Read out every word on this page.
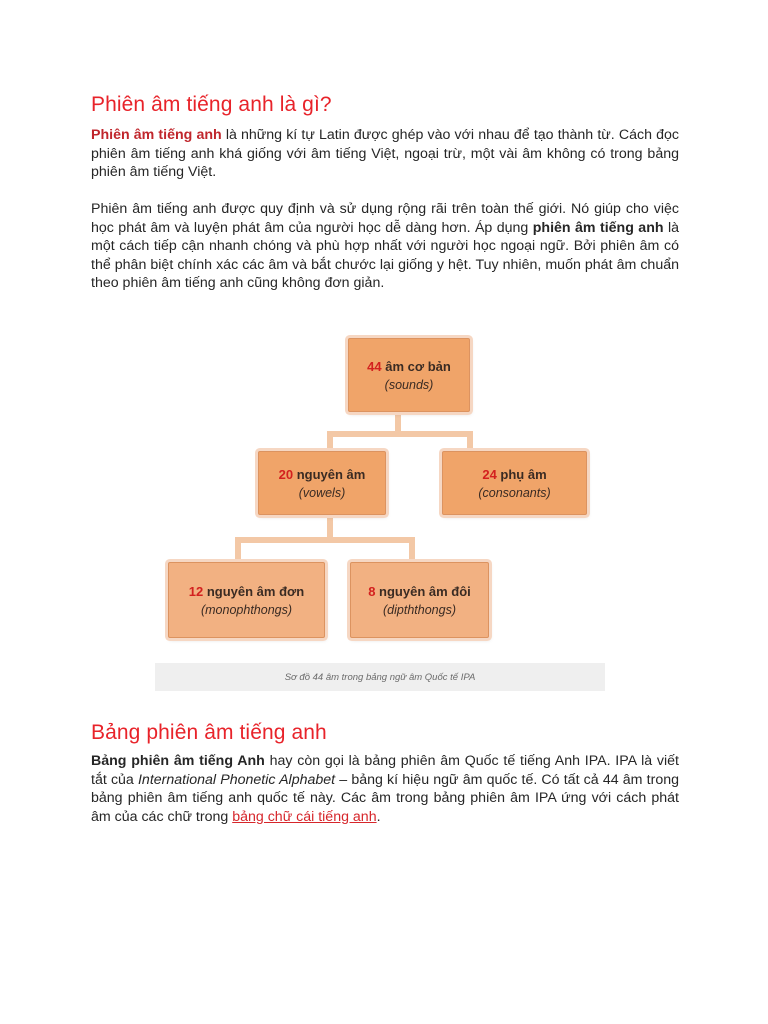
Phiên âm tiếng anh là gì?

Phiên âm tiếng anh là những kí tự Latin được ghép vào với nhau để tạo thành từ. Cách đọc phiên âm tiếng anh khá giống với âm tiếng Việt, ngoại trừ, một vài âm không có trong bảng phiên âm tiếng Việt.

Phiên âm tiếng anh được quy định và sử dụng rộng rãi trên toàn thế giới. Nó giúp cho việc học phát âm và luyện phát âm của người học dễ dàng hơn. Áp dụng phiên âm tiếng anh là một cách tiếp cận nhanh chóng và phù hợp nhất với người học ngoại ngữ. Bởi phiên âm có thể phân biệt chính xác các âm và bắt chước lại giống y hệt. Tuy nhiên, muốn phát âm chuẩn theo phiên âm tiếng anh cũng không đơn giản.

44 âm cơ bản
(sounds)
20 nguyên âm
(vowels)
24 phụ âm
(consonants)
12 nguyên âm đơn
(monophthongs)
8 nguyên âm đôi
(dipththongs)
Sơ đồ 44 âm trong bảng ngữ âm Quốc tế IPA
Bảng phiên âm tiếng anh

Bảng phiên âm tiếng Anh hay còn gọi là bảng phiên âm Quốc tế tiếng Anh IPA. IPA là viết tắt của International Phonetic Alphabet – bảng kí hiệu ngữ âm quốc tế. Có tất cả 44 âm trong bảng phiên âm tiếng anh quốc tế này. Các âm trong bảng phiên âm IPA ứng với cách phát âm của các chữ trong bảng chữ cái tiếng anh.
